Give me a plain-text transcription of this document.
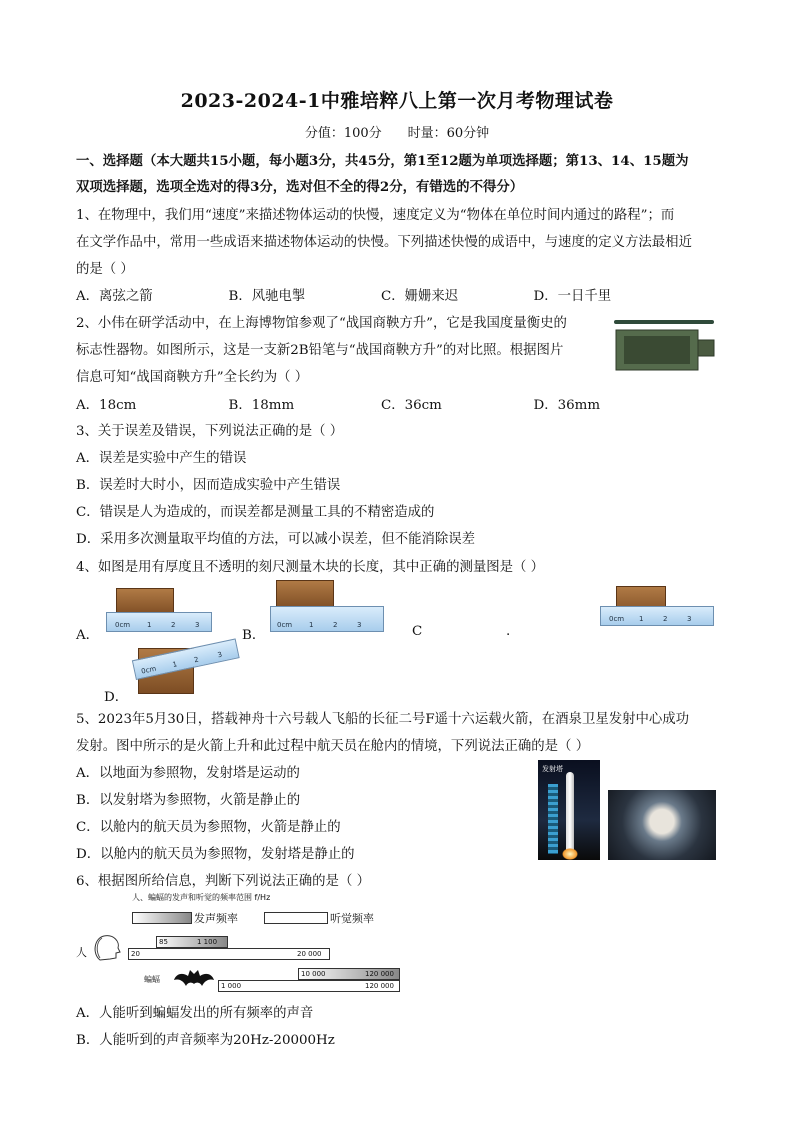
2023-2024-1中雅培粹八上第一次月考物理试卷
分值：100分 时量：60分钟
一、选择题（本大题共15小题，每小题3分，共45分，第1至12题为单项选择题；第13、14、15题为
双项选择题，选项全选对的得3分，选对但不全的得2分，有错选的不得分）
1、在物理中，我们用“速度”来描述物体运动的快慢，速度定义为“物体在单位时间内通过的路程”；而
在文学作品中，常用一些成语来描述物体运动的快慢。下列描述快慢的成语中，与速度的定义方法最相近
的是（ ）
A．离弦之箭	B．风驰电掣	C．姗姗来迟	D．一日千里
2、小伟在研学活动中，在上海博物馆参观了“战国商鞅方升”，它是我国度量衡史的
标志性器物。如图所示，这是一支新2B铅笔与“战国商鞅方升”的对比照。根据图片
信息可知“战国商鞅方升”全长约为（ ）
A．18cm	B．18mm	C．36cm	D．36mm
3、关于误差及错误，下列说法正确的是（ ）
A．误差是实验中产生的错误
B．误差时大时小，因而造成实验中产生错误
C．错误是人为造成的，而误差都是测量工具的不精密造成的
D．采用多次测量取平均值的方法，可以减小误差，但不能消除误差
4、如图是用有厚度且不透明的刻尺测量木块的长度，其中正确的测量图是（ ）
A．
0cm 1	2	3
B．
0cm 1	2	3	C	.
0cm 1	2	3
D．
0cm
1
2
3
5、2023年5月30日，搭载神舟十六号载人飞船的长征二号F遥十六运载火箭，在酒泉卫星发射中心成功
发射。图中所示的是火箭上升和此过程中航天员在舱内的情境，下列说法正确的是（ ）
A．以地面为参照物，发射塔是运动的
B．以发射塔为参照物，火箭是静止的
C．以舱内的航天员为参照物，火箭是静止的
D．以舱内的航天员为参照物，发射塔是静止的
发射塔
6、根据图所给信息，判断下列说法正确的是（ ）
人、蝙蝠的发声和听觉的频率范围 f/Hz
发声频率	听觉频率
人
85	1 100
20	20 000
蝙蝠
10 000	120 000
1 000	120 000
A．人能听到蝙蝠发出的所有频率的声音
B．人能听到的声音频率为20Hz-20000Hz
